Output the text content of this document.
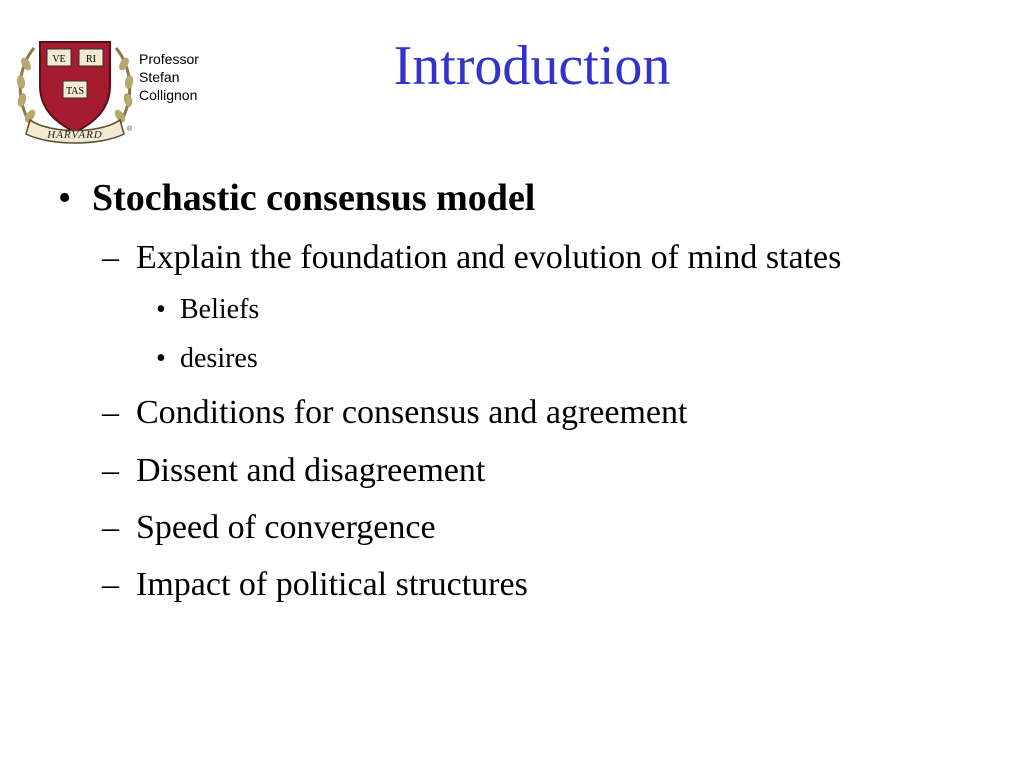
VE RI
TAS
HARVARD	®
Professor
Stefan
Collignon	Introduction
• Stochastic consensus model
– Explain the foundation and evolution of mind states
• Beliefs
• desires
– Conditions for consensus and agreement
– Dissent and disagreement
– Speed of convergence
– Impact of political structures
